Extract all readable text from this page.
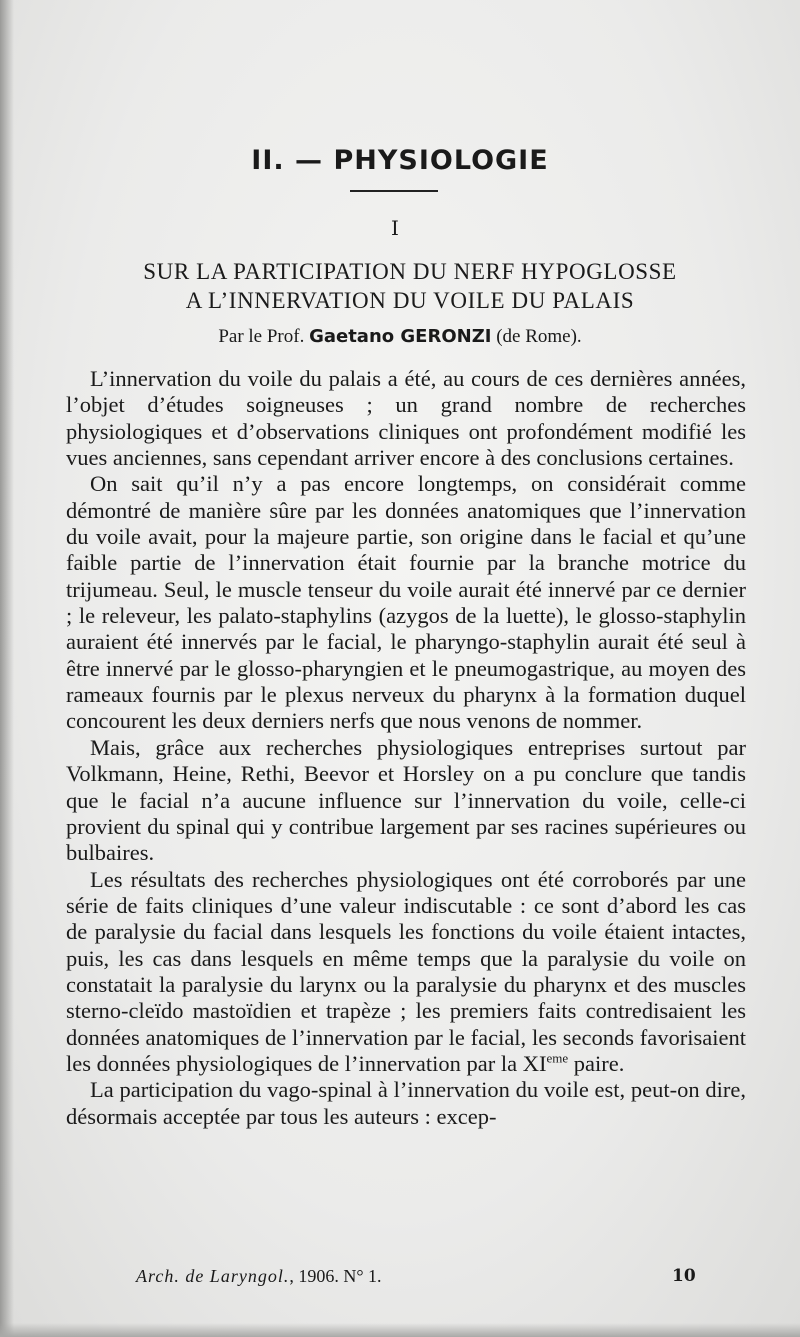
II. — PHYSIOLOGIE
I
SUR LA PARTICIPATION DU NERF HYPOGLOSSE
A L’INNERVATION DU VOILE DU PALAIS
Par le Prof. Gaetano GERONZI (de Rome).

L’innervation du voile du palais a été, au cours de ces dernières années, l’objet d’études soigneuses ; un grand nombre de recherches physiologiques et d’observations cliniques ont profondément modifié les vues anciennes, sans cependant arriver encore à des conclusions certaines.

On sait qu’il n’y a pas encore longtemps, on considérait comme démontré de manière sûre par les données anatomiques que l’innervation du voile avait, pour la majeure partie, son origine dans le facial et qu’une faible partie de l’innervation était fournie par la branche motrice du trijumeau. Seul, le muscle tenseur du voile aurait été innervé par ce dernier ; le releveur, les palato-staphylins (azygos de la luette), le glosso-staphylin auraient été innervés par le facial, le pharyngo-staphylin aurait été seul à être innervé par le glosso-pharyngien et le pneumogastrique, au moyen des rameaux fournis par le plexus nerveux du pharynx à la formation duquel concourent les deux derniers nerfs que nous venons de nommer.

Mais, grâce aux recherches physiologiques entreprises surtout par Volkmann, Heine, Rethi, Beevor et Horsley on a pu conclure que tandis que le facial n’a aucune influence sur l’innervation du voile, celle-ci provient du spinal qui y contribue largement par ses racines supérieures ou bulbaires.

Les résultats des recherches physiologiques ont été corroborés par une série de faits cliniques d’une valeur indiscutable : ce sont d’abord les cas de paralysie du facial dans lesquels les fonctions du voile étaient intactes, puis, les cas dans lesquels en même temps que la paralysie du voile on constatait la paralysie du larynx ou la paralysie du pharynx et des muscles sterno-cleïdo mastoïdien et trapèze ; les premiers faits contredisaient les données anatomiques de l’innervation par le facial, les seconds favorisaient les données physiologiques de l’innervation par la XIeme paire.

La participation du vago-spinal à l’innervation du voile est, peut-on dire, désormais acceptée par tous les auteurs : excep-

Arch. de Laryngol., 1906. N° 1.	10
